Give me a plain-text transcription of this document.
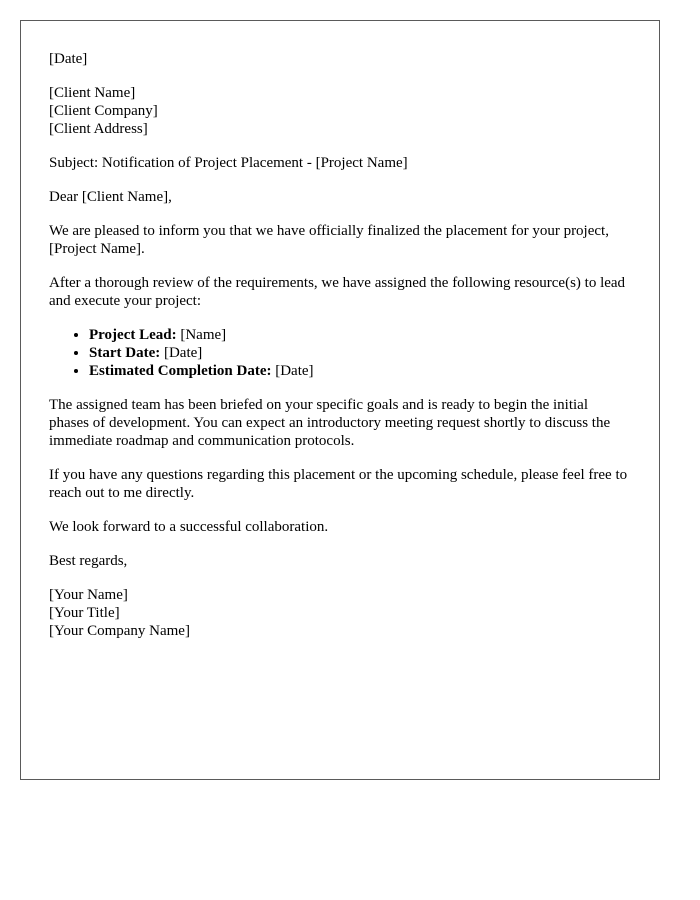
[Date]

[Client Name]
[Client Company]
[Client Address]

Subject: Notification of Project Placement - [Project Name]

Dear [Client Name],

We are pleased to inform you that we have officially finalized the placement for your project, [Project Name].

After a thorough review of the requirements, we have assigned the following resource(s) to lead and execute your project:

• Project Lead: [Name]
• Start Date: [Date]
• Estimated Completion Date: [Date]

The assigned team has been briefed on your specific goals and is ready to begin the initial phases of development. You can expect an introductory meeting request shortly to discuss the immediate roadmap and communication protocols.

If you have any questions regarding this placement or the upcoming schedule, please feel free to reach out to me directly.

We look forward to a successful collaboration.

Best regards,

[Your Name]
[Your Title]
[Your Company Name]
